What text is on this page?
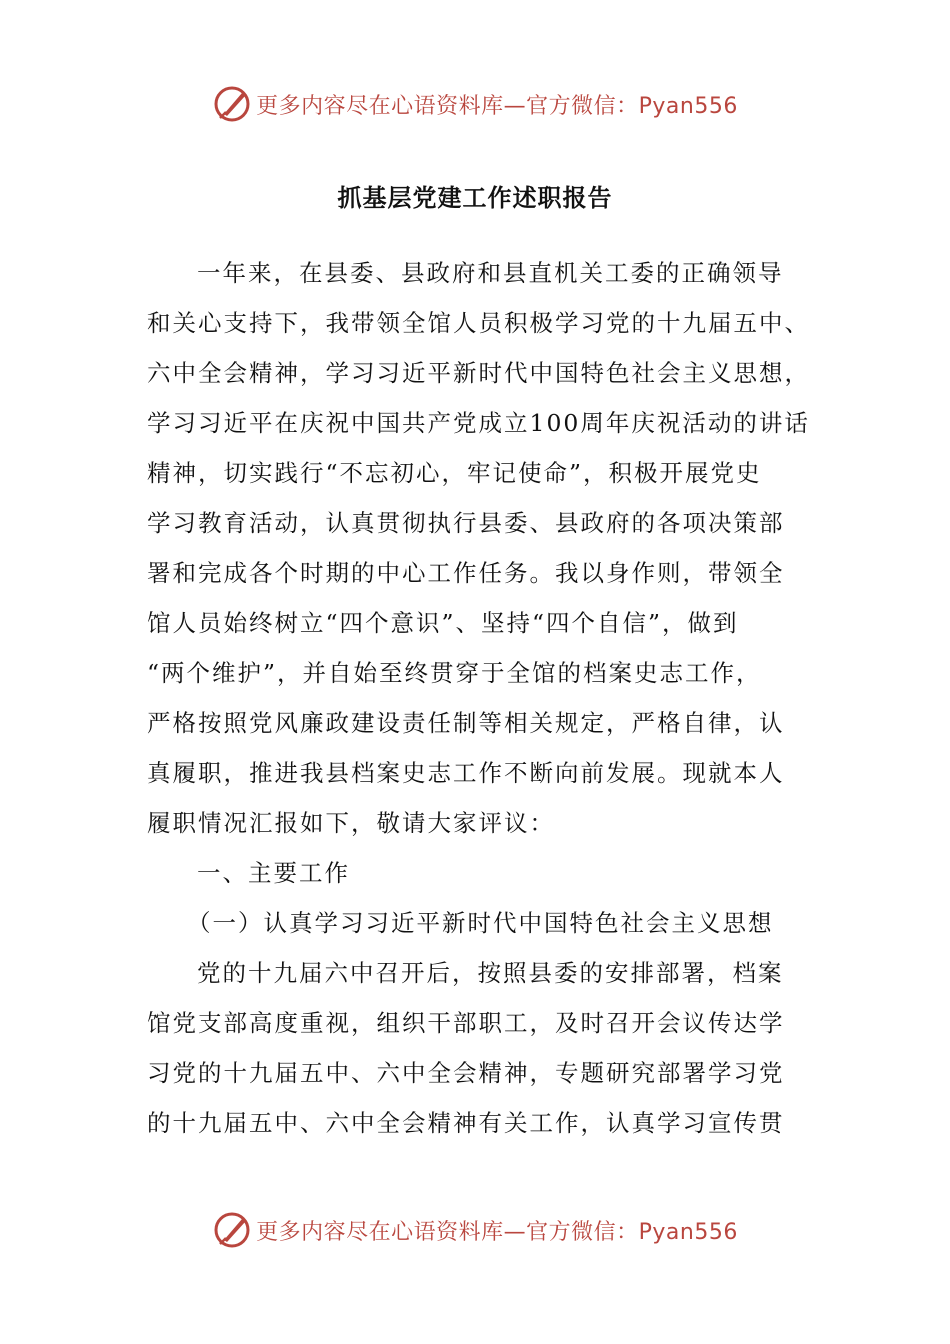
更多内容尽在心语资料库—官方微信：Pyan556
抓基层党建工作述职报告
一年来，在县委、县政府和县直机关工委的正确领导
和关心支持下，我带领全馆人员积极学习党的十九届五中、
六中全会精神，学习习近平新时代中国特色社会主义思想，
学习习近平在庆祝中国共产党成立100周年庆祝活动的讲话
精神，切实践行“不忘初心，牢记使命”，积极开展党史
学习教育活动，认真贯彻执行县委、县政府的各项决策部
署和完成各个时期的中心工作任务。我以身作则，带领全
馆人员始终树立“四个意识”、坚持“四个自信”，做到
“两个维护”，并自始至终贯穿于全馆的档案史志工作，
严格按照党风廉政建设责任制等相关规定，严格自律，认
真履职，推进我县档案史志工作不断向前发展。现就本人
履职情况汇报如下，敬请大家评议：
一、主要工作
（一）认真学习习近平新时代中国特色社会主义思想
党的十九届六中召开后，按照县委的安排部署，档案
馆党支部高度重视，组织干部职工，及时召开会议传达学
习党的十九届五中、六中全会精神，专题研究部署学习党
的十九届五中、六中全会精神有关工作，认真学习宣传贯
更多内容尽在心语资料库—官方微信：Pyan556
